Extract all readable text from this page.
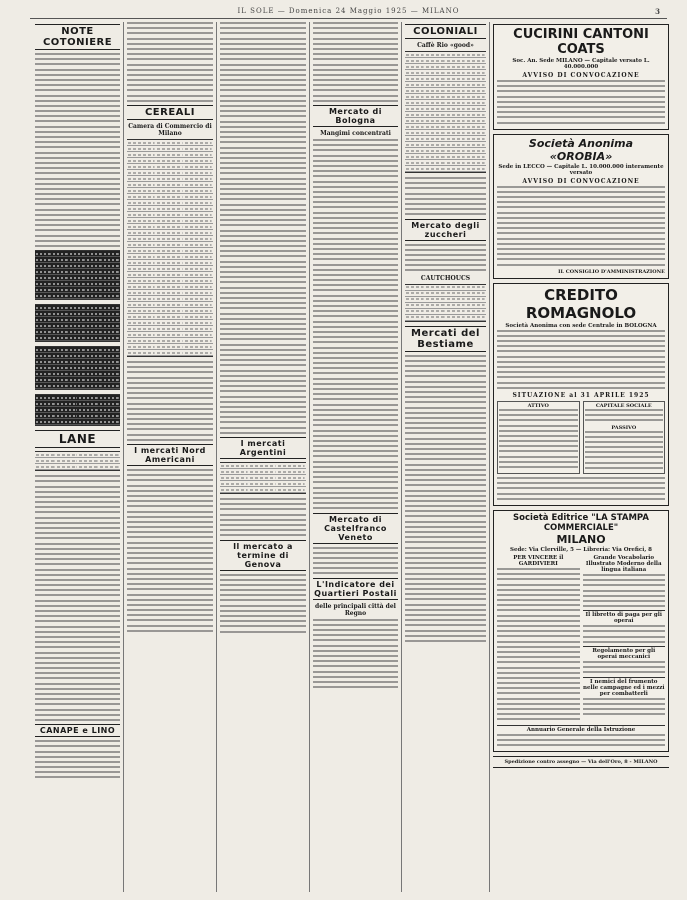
IL SOLE — Domenica 24 Maggio 1925 — MILANO	3
NOTE COTONIERE
LANE
CANAPE e LINO
CEREALI
Camera di Commercio di Milano
I mercati Nord Americani
I mercati Argentini
Il mercato a termine di Genova
Mercato di Bologna
Mangimi concentrati
Mercato di Castelfranco Veneto
L'Indicatore dei Quartieri Postali
delle principali città del Regno
COLONIALI
Caffè Rio «good»
Mercato degli zuccheri
CAUTCHOUCS
Mercati del Bestiame

CUCIRINI CANTONI COATS

Soc. An. Sede MILANO — Capitale versato L. 40.000.000

AVVISO DI CONVOCAZIONE

Società Anonima «OROBIA»

Sede in LECCO — Capitale L. 10.000.000 interamente versato

AVVISO DI CONVOCAZIONE

IL CONSIGLIO D'AMMINISTRAZIONE

CREDITO ROMAGNOLO

Società Anonima con sede Centrale in BOLOGNA

SITUAZIONE al 31 APRILE 1925

ATTIVO	CAPITALE SOCIALE
PASSIVO

Società Editrice "LA STAMPA COMMERCIALE"

MILANO

Sede: Via Clerville, 5 — Libreria: Via Orefici, 8

PER VINCERE il GARDIVIERI
Grande Vocabolario Illustrato Moderno della lingua italiana
Il libretto di paga per gli operai
Regolamento per gli operai meccanici
I nemici del frumento nelle campagne ed i mezzi per combatterli
Annuario Generale della Istruzione
Spedizione contro assegno — Via dell'Oro, 8 - MILANO
